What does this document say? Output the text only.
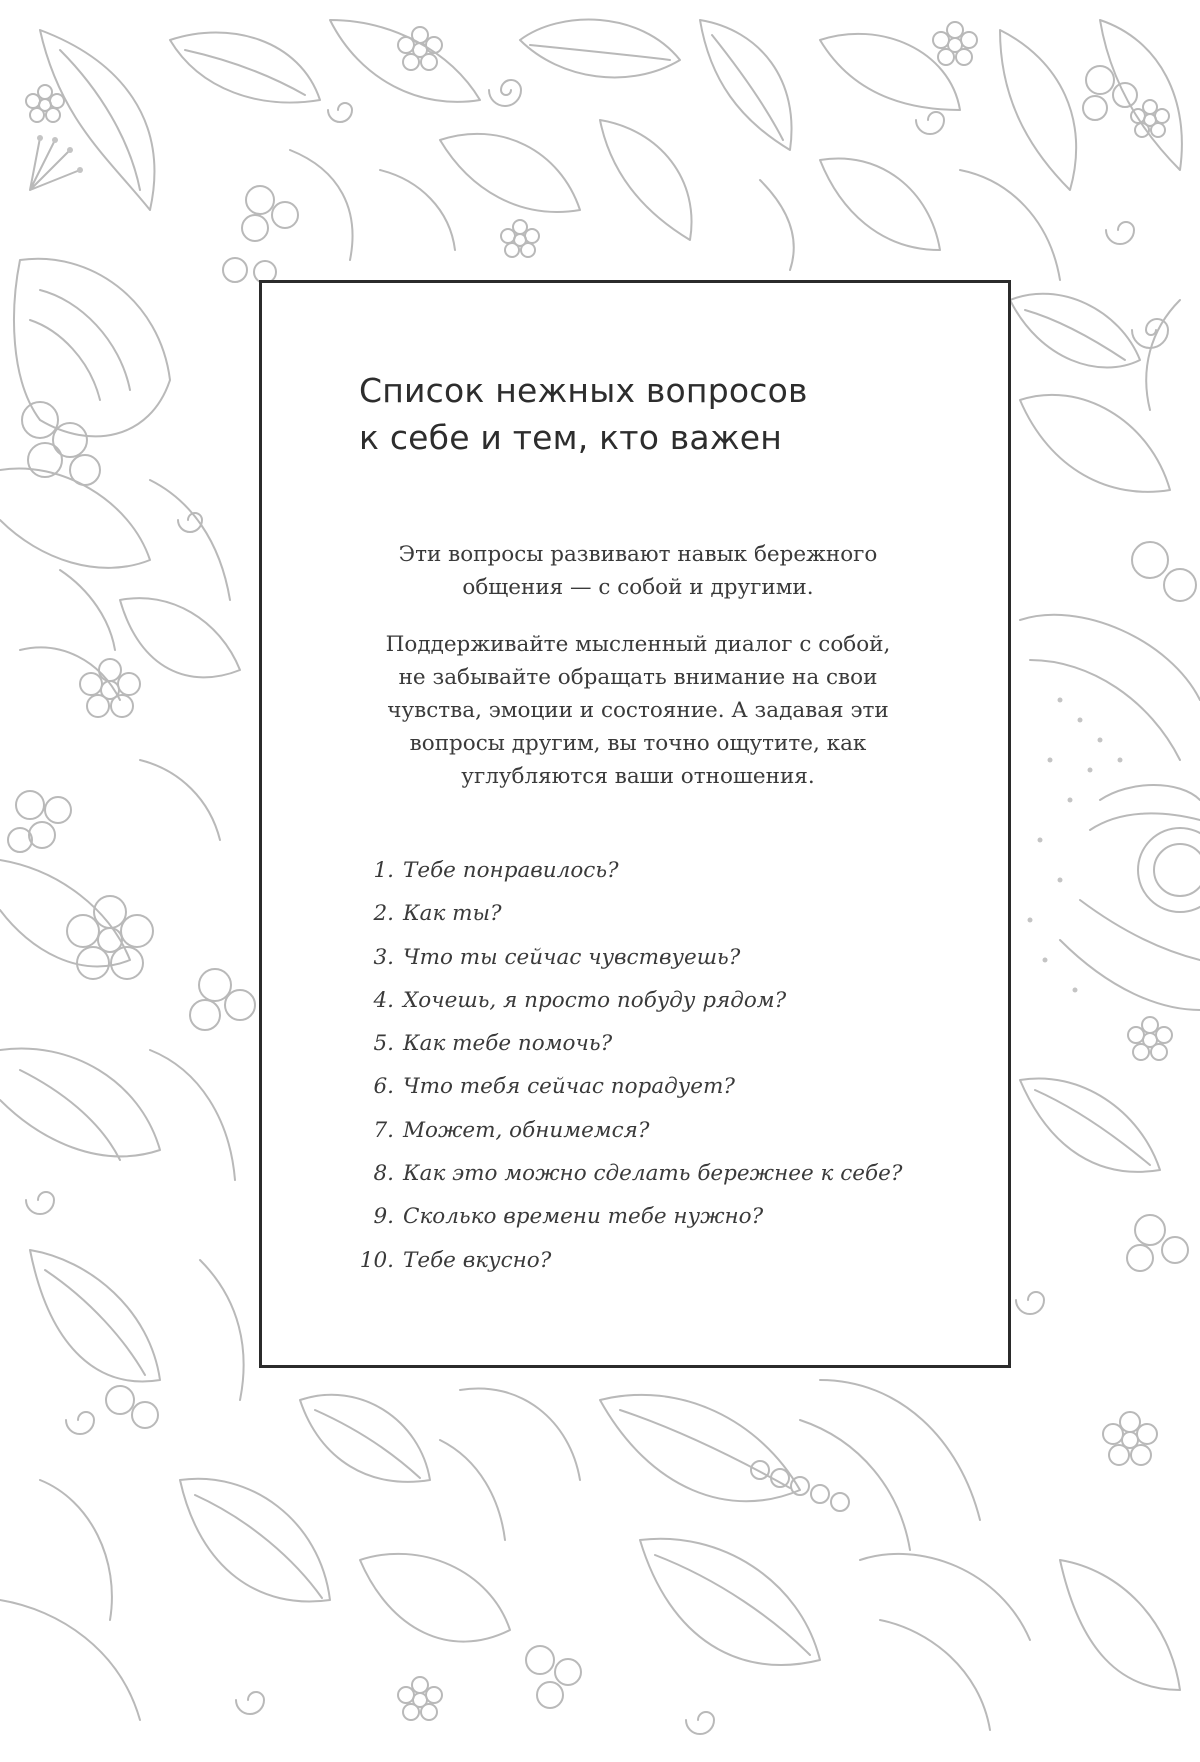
Список нежных вопросов
к себе и тем, кто важен
Эти вопросы развивают навык бережного
общения — с собой и другими.
Поддерживайте мысленный диалог с собой,
не забывайте обращать внимание на свои
чувства, эмоции и состояние. А задавая эти
вопросы другим, вы точно ощутите, как
углубляются ваши отношения.
1. Тебе понравилось?
2. Как ты?
3. Что ты сейчас чувствуешь?
4. Хочешь, я просто побуду рядом?
5. Как тебе помочь?
6. Что тебя сейчас порадует?
7. Может, обнимемся?
8. Как это можно сделать бережнее к себе?
9. Сколько времени тебе нужно?
10. Тебе вкусно?
